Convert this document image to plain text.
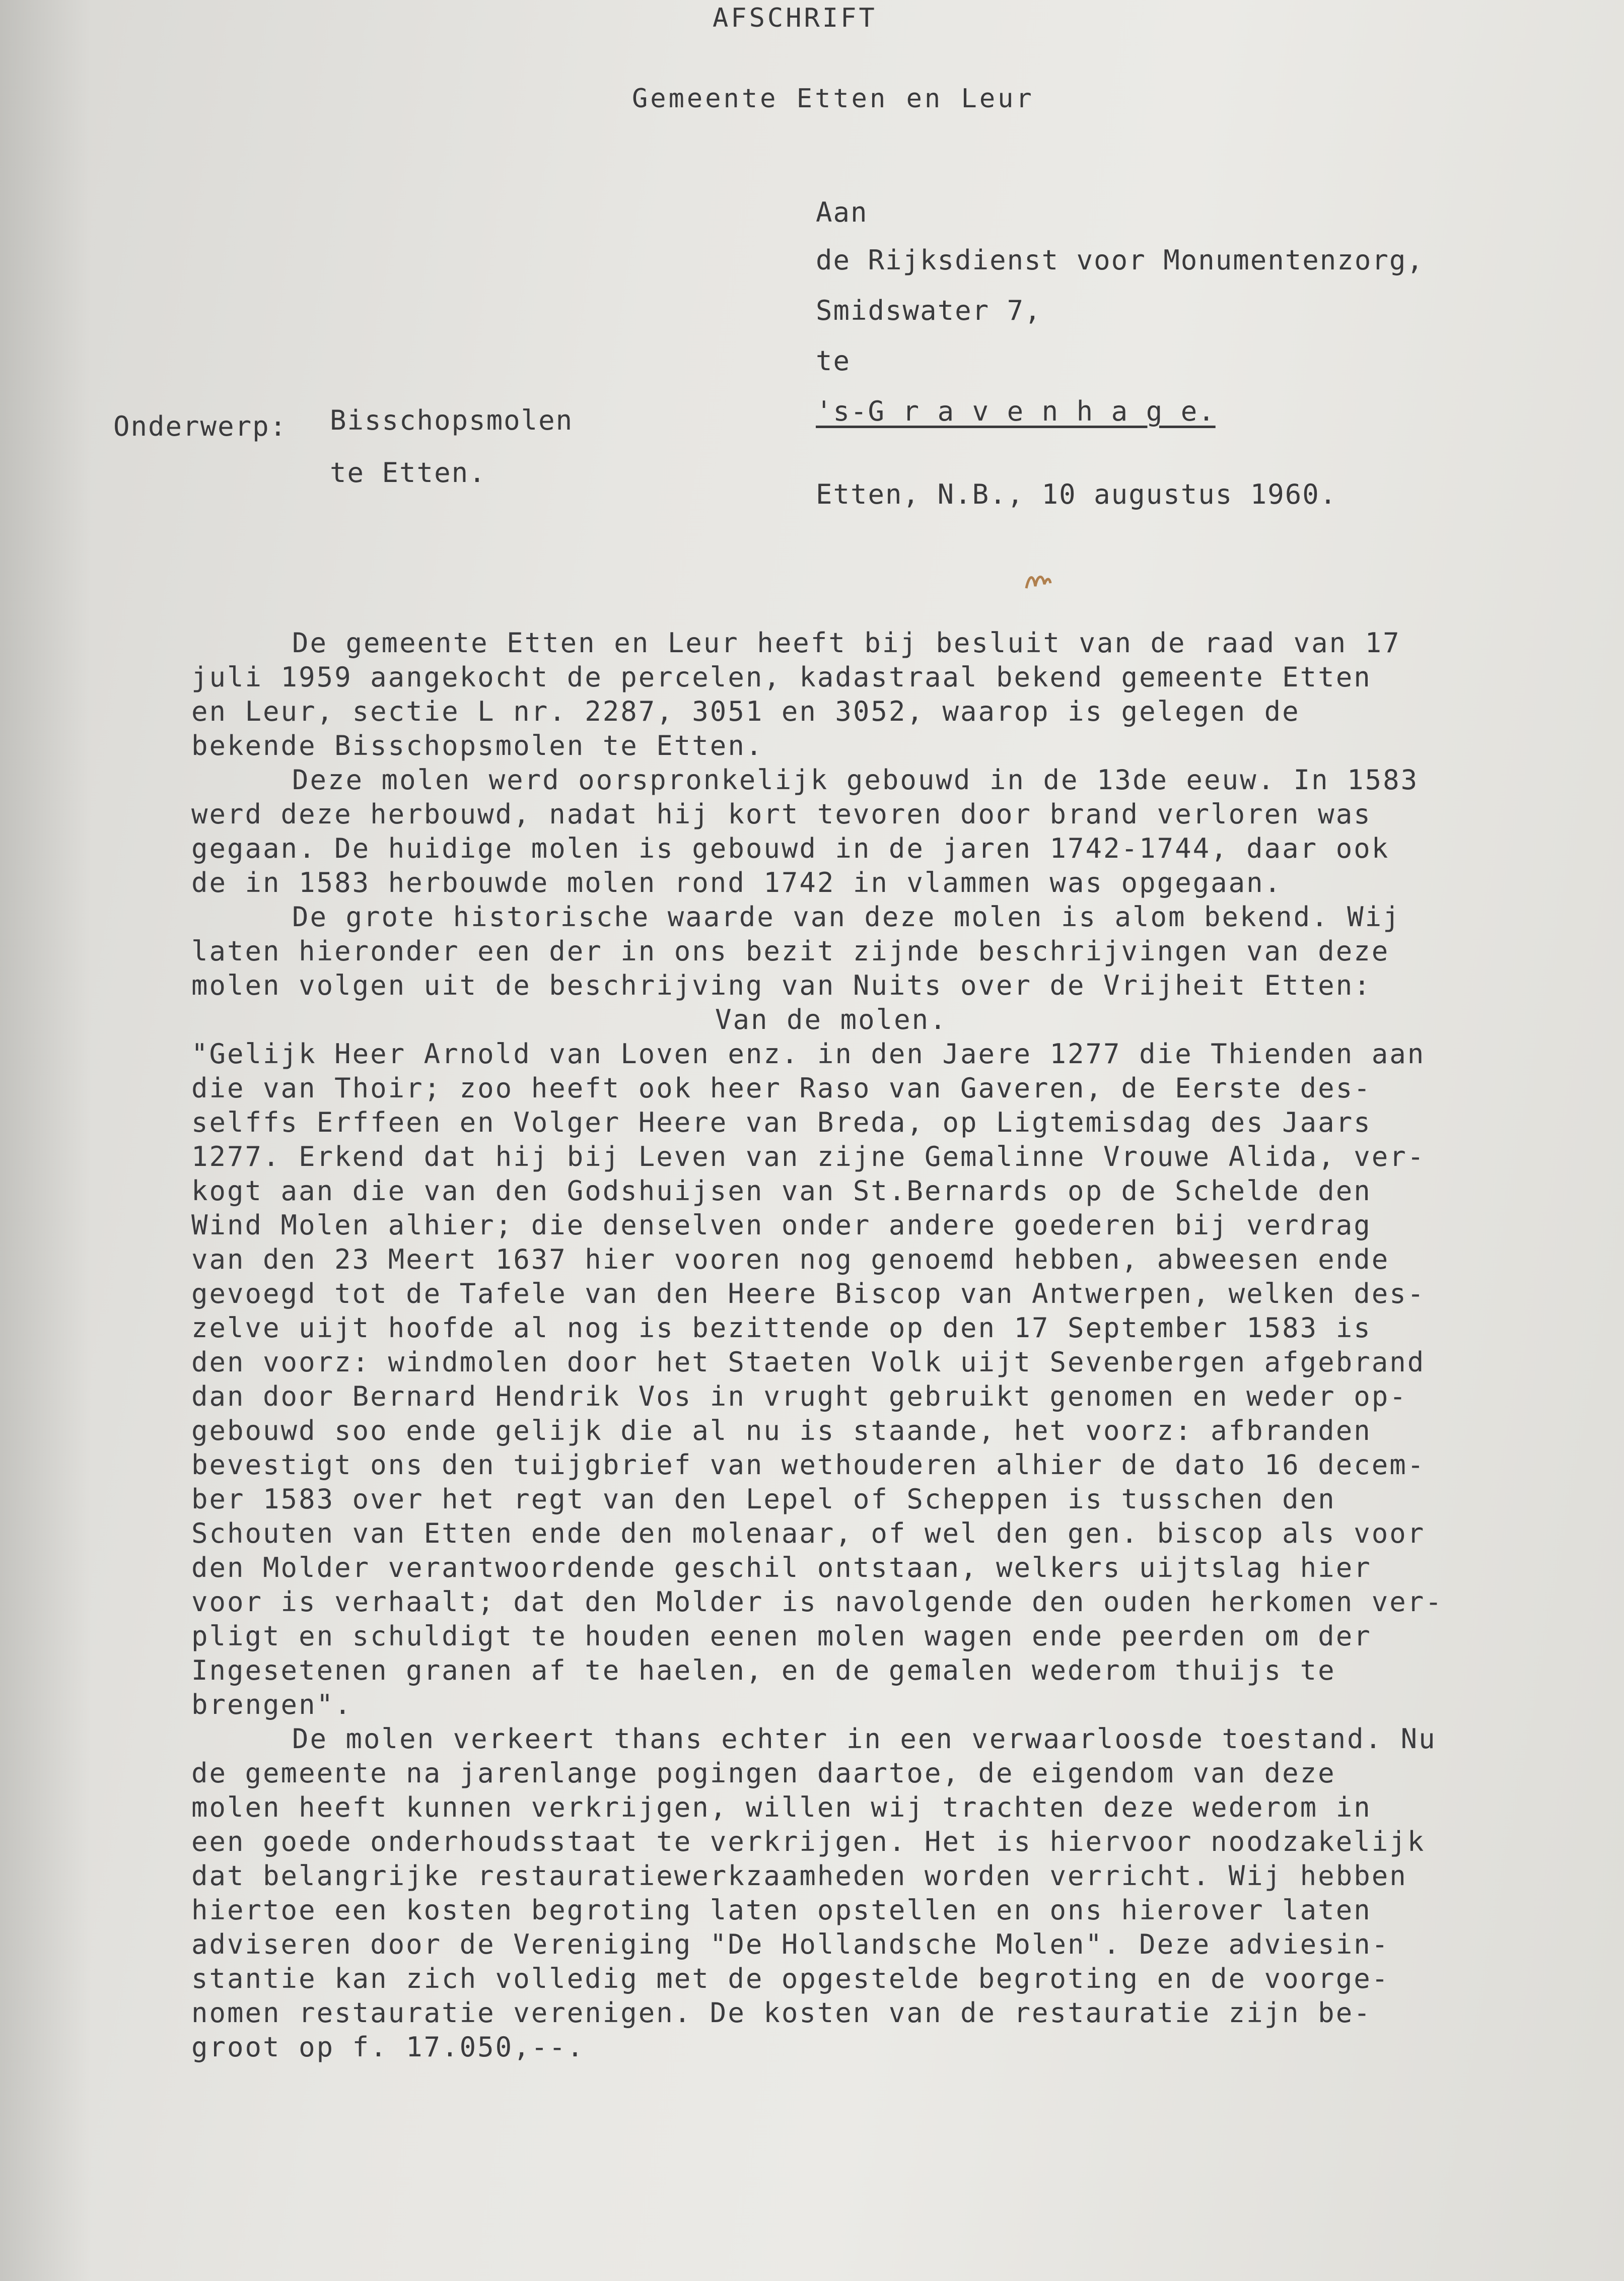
AFSCHRIFT
Gemeente Etten en Leur
Aan
de Rijksdienst voor Monumentenzorg,
Smidswater 7,
te
's-G r a v e n h a g e.
Onderwerp: Bisschopsmolen
te Etten.
Etten, N.B., 10 augustus 1960.
De gemeente Etten en Leur heeft bij besluit van de raad van 17
juli 1959 aangekocht de percelen, kadastraal bekend gemeente Etten
en Leur, sectie L nr. 2287, 3051 en 3052, waarop is gelegen de
bekende Bisschopsmolen te Etten.
Deze molen werd oorspronkelijk gebouwd in de 13de eeuw. In 1583
werd deze herbouwd, nadat hij kort tevoren door brand verloren was
gegaan. De huidige molen is gebouwd in de jaren 1742-1744, daar ook
de in 1583 herbouwde molen rond 1742 in vlammen was opgegaan.
De grote historische waarde van deze molen is alom bekend. Wij
laten hieronder een der in ons bezit zijnde beschrijvingen van deze
molen volgen uit de beschrijving van Nuits over de Vrijheit Etten:
Van de molen.
"Gelijk Heer Arnold van Loven enz. in den Jaere 1277 die Thienden aan
die van Thoir; zoo heeft ook heer Raso van Gaveren, de Eerste des-
selffs Erffeen en Volger Heere van Breda, op Ligtemisdag des Jaars
1277. Erkend dat hij bij Leven van zijne Gemalinne Vrouwe Alida, ver-
kogt aan die van den Godshuijsen van St.Bernards op de Schelde den
Wind Molen alhier; die denselven onder andere goederen bij verdrag
van den 23 Meert 1637 hier vooren nog genoemd hebben, abweesen ende
gevoegd tot de Tafele van den Heere Biscop van Antwerpen, welken des-
zelve uijt hoofde al nog is bezittende op den 17 September 1583 is
den voorz: windmolen door het Staeten Volk uijt Sevenbergen afgebrand
dan door Bernard Hendrik Vos in vrught gebruikt genomen en weder op-
gebouwd soo ende gelijk die al nu is staande, het voorz: afbranden
bevestigt ons den tuijgbrief van wethouderen alhier de dato 16 decem-
ber 1583 over het regt van den Lepel of Scheppen is tusschen den
Schouten van Etten ende den molenaar, of wel den gen. biscop als voor
den Molder verantwoordende geschil ontstaan, welkers uijtslag hier
voor is verhaalt; dat den Molder is navolgende den ouden herkomen ver-
pligt en schuldigt te houden eenen molen wagen ende peerden om der
Ingesetenen granen af te haelen, en de gemalen wederom thuijs te
brengen".
De molen verkeert thans echter in een verwaarloosde toestand. Nu
de gemeente na jarenlange pogingen daartoe, de eigendom van deze
molen heeft kunnen verkrijgen, willen wij trachten deze wederom in
een goede onderhoudsstaat te verkrijgen. Het is hiervoor noodzakelijk
dat belangrijke restauratiewerkzaamheden worden verricht. Wij hebben
hiertoe een kosten begroting laten opstellen en ons hierover laten
adviseren door de Vereniging "De Hollandsche Molen". Deze adviesin-
stantie kan zich volledig met de opgestelde begroting en de voorge-
nomen restauratie verenigen. De kosten van de restauratie zijn be-
groot op f. 17.050,--.
